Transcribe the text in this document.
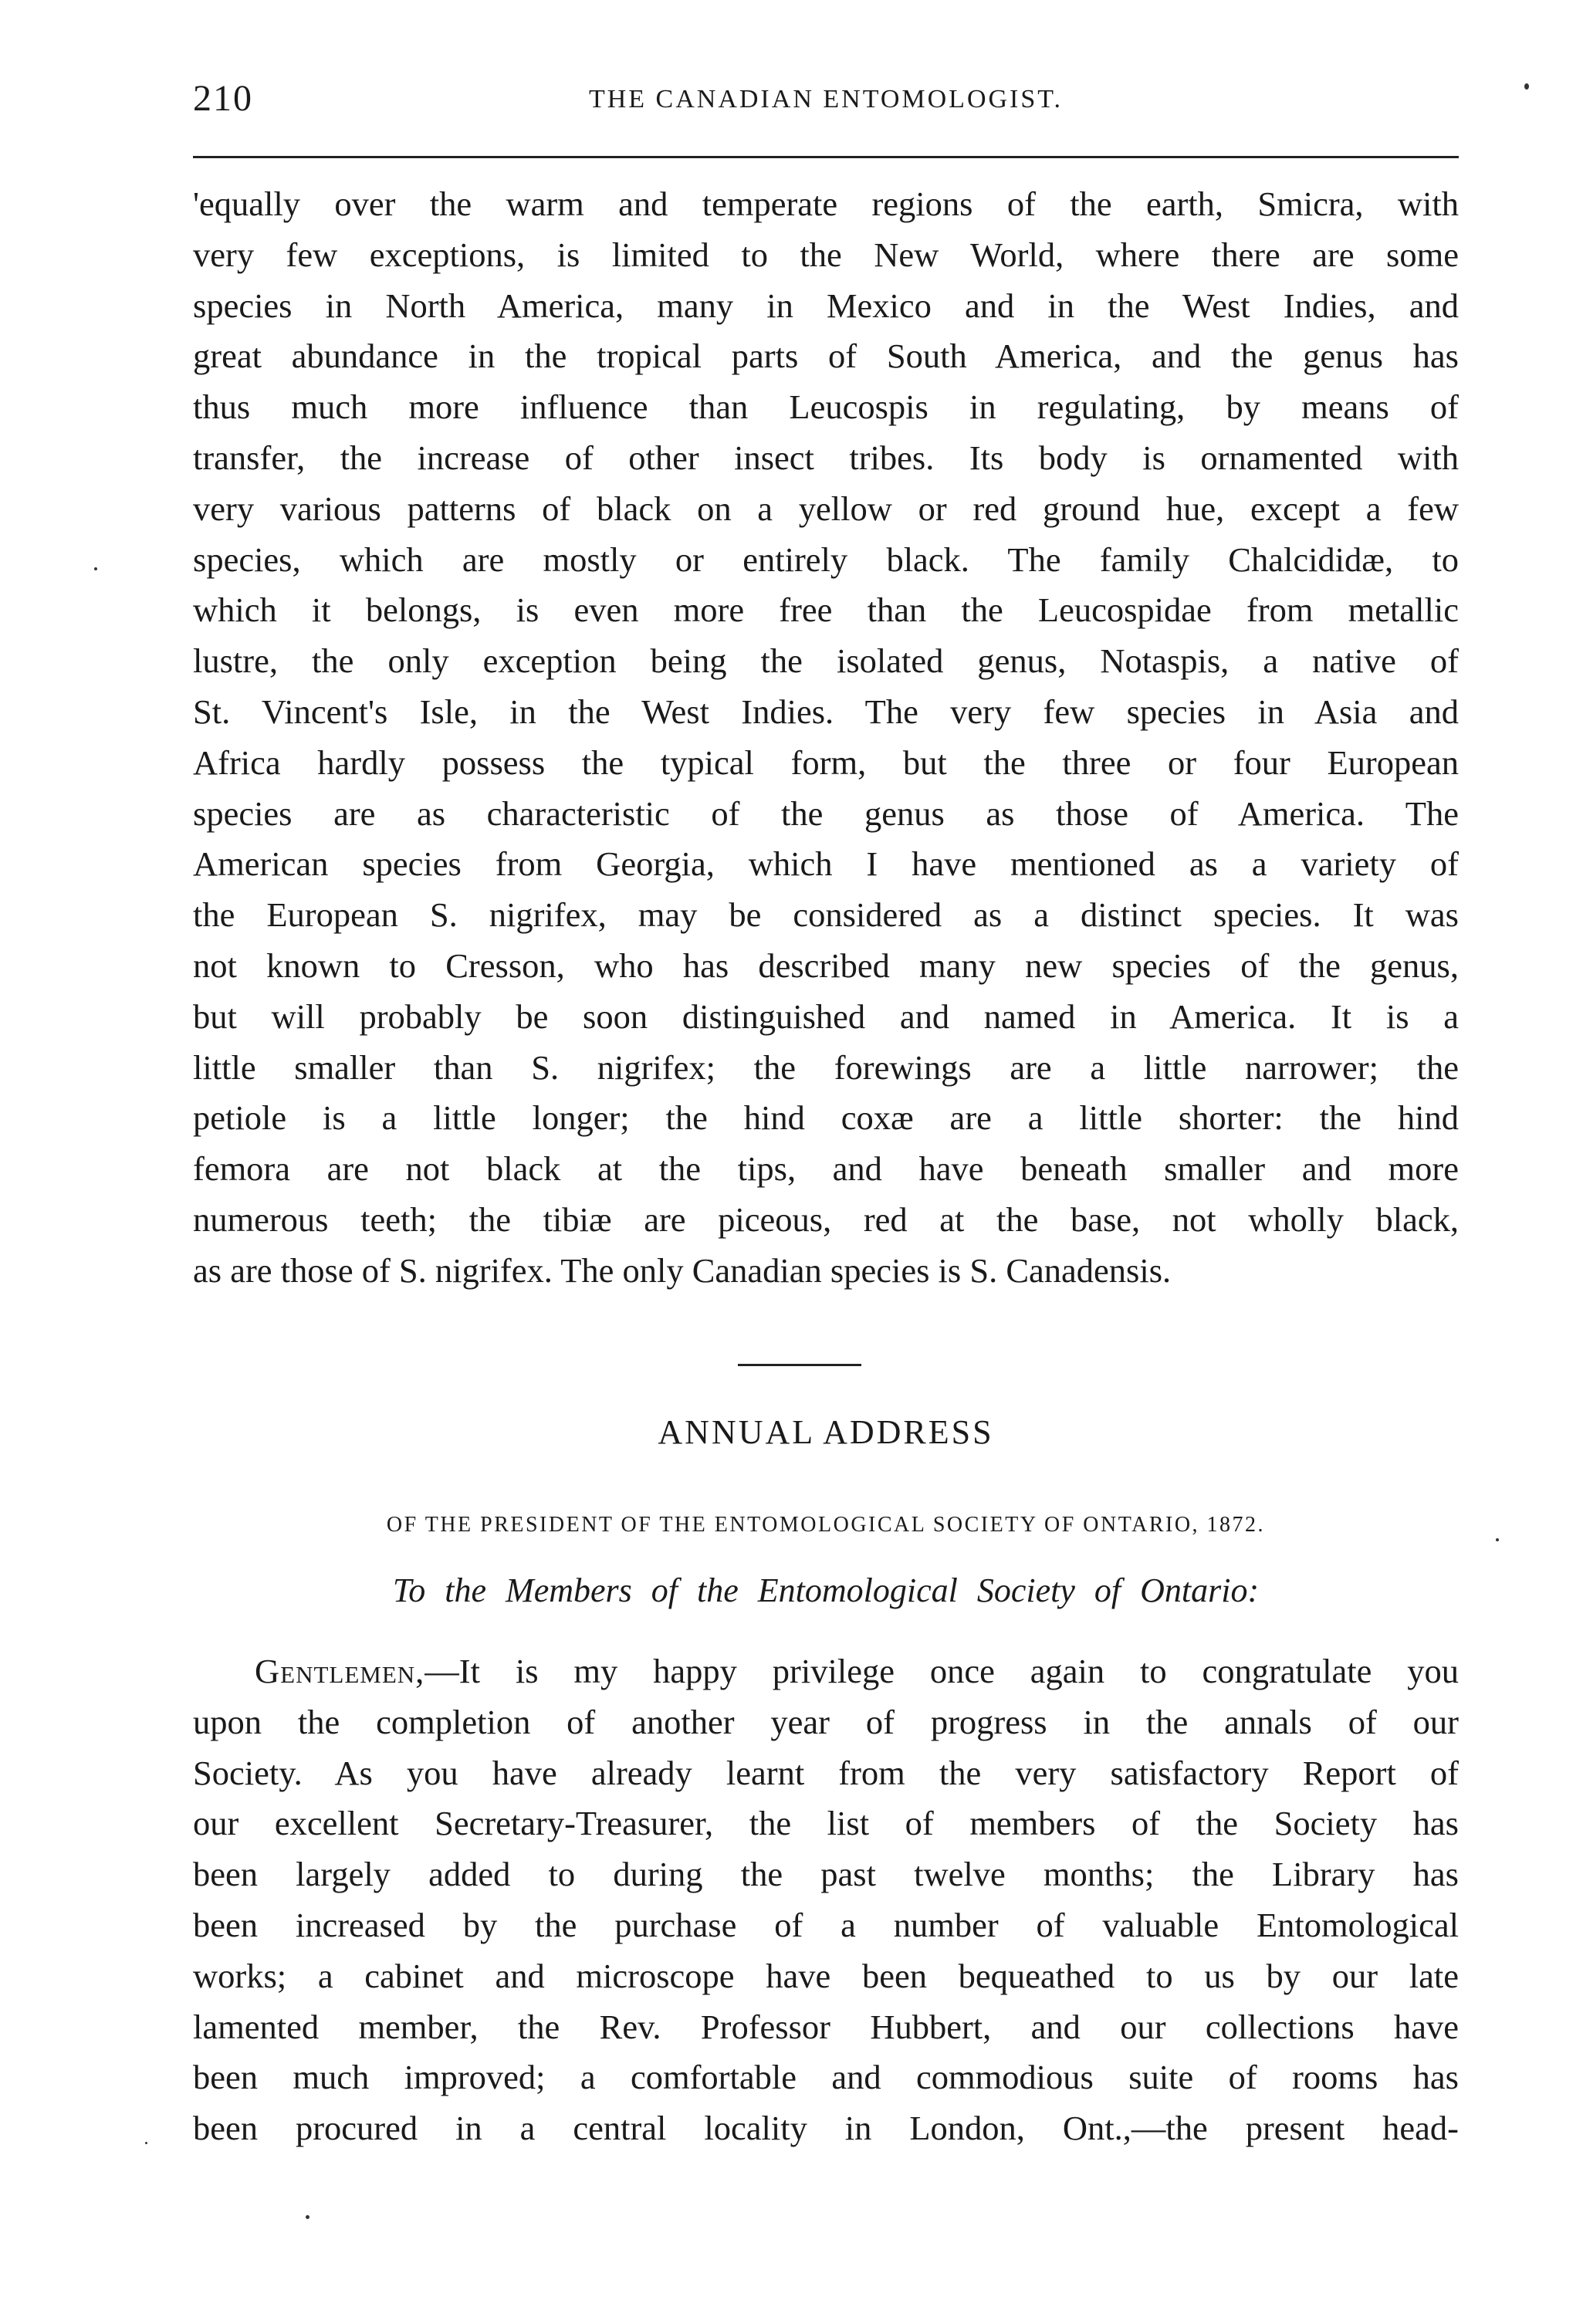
210	THE CANADIAN ENTOMOLOGIST.
'equally over the warm and temperate regions of the earth, Smicra, with
very few exceptions, is limited to the New World, where there are some
species in North America, many in Mexico and in the West Indies, and
great abundance in the tropical parts of South America, and the genus has
thus much more influence than Leucospis in regulating, by means of
transfer, the increase of other insect tribes. Its body is ornamented with
very various patterns of black on a yellow or red ground hue, except a few
species, which are mostly or entirely black. The family Chalcididæ, to
which it belongs, is even more free than the Leucospidae from metallic
lustre, the only exception being the isolated genus, Notaspis, a native of
St. Vincent's Isle, in the West Indies. The very few species in Asia and
Africa hardly possess the typical form, but the three or four European
species are as characteristic of the genus as those of America. The
American species from Georgia, which I have mentioned as a variety of
the European S. nigrifex, may be considered as a distinct species. It was
not known to Cresson, who has described many new species of the genus,
but will probably be soon distinguished and named in America. It is a
little smaller than S. nigrifex; the forewings are a little narrower; the
petiole is a little longer; the hind coxæ are a little shorter: the hind
femora are not black at the tips, and have beneath smaller and more
numerous teeth; the tibiæ are piceous, red at the base, not wholly black,
as are those of S. nigrifex. The only Canadian species is S. Canadensis.
ANNUAL ADDRESS
OF THE PRESIDENT OF THE ENTOMOLOGICAL SOCIETY OF ONTARIO, 1872.
To the Members of the Entomological Society of Ontario:
Gentlemen,—It is my happy privilege once again to congratulate you
upon the completion of another year of progress in the annals of our
Society. As you have already learnt from the very satisfactory Report of
our excellent Secretary-Treasurer, the list of members of the Society has
been largely added to during the past twelve months; the Library has
been increased by the purchase of a number of valuable Entomological
works; a cabinet and microscope have been bequeathed to us by our late
lamented member, the Rev. Professor Hubbert, and our collections have
been much improved; a comfortable and commodious suite of rooms has
been procured in a central locality in London, Ont.,—the present head-
